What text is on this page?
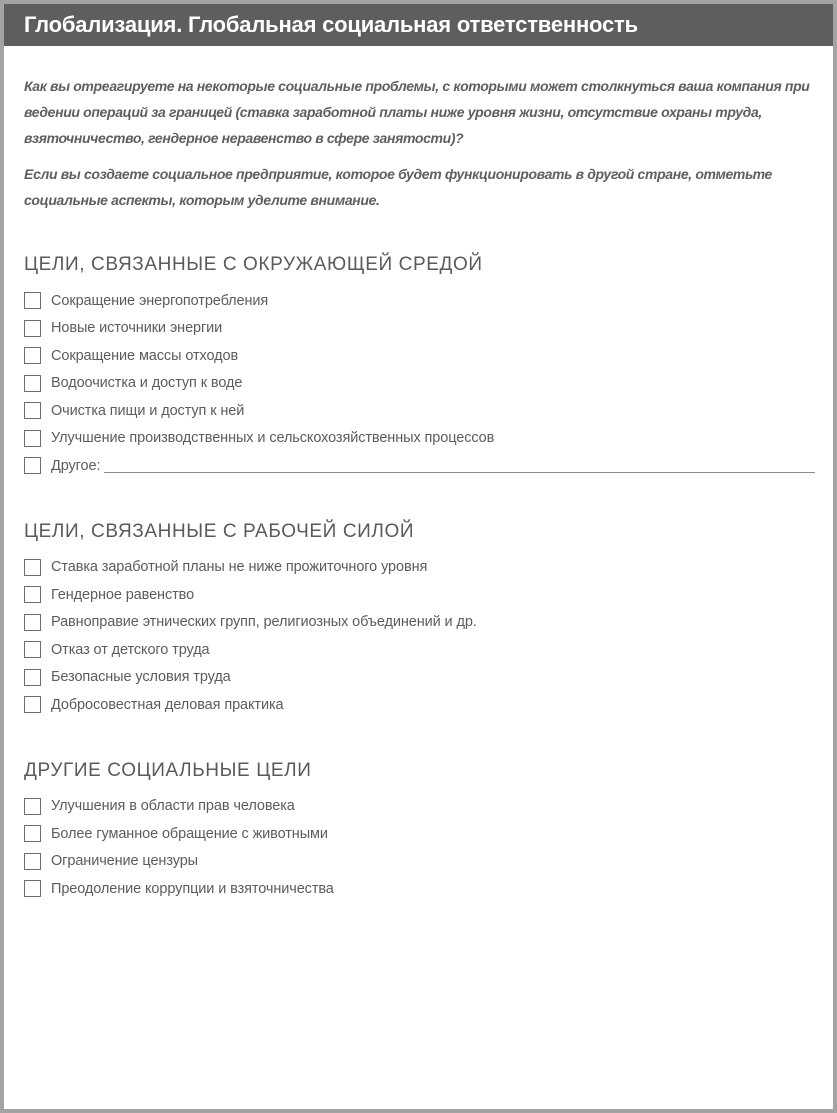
Глобализация. Глобальная социальная ответственность

Как вы отреагируете на некоторые социальные проблемы, с которыми может столкнуться ваша компания при ведении операций за границей (ставка заработной платы ниже уровня жизни, отсутствие охраны труда, взяточничество, гендерное неравенство в сфере занятости)?

Если вы создаете социальное предприятие, которое будет функционировать в другой стране, отметьте социальные аспекты, которым уделите внимание.

ЦЕЛИ, СВЯЗАННЫЕ С ОКРУЖАЮЩЕЙ СРЕДОЙ
Сокращение энергопотребления
Новые источники энергии
Сокращение массы отходов
Водоочистка и доступ к воде
Очистка пищи и доступ к ней
Улучшение производственных и сельскохозяйственных процессов
Другое:
ЦЕЛИ, СВЯЗАННЫЕ С РАБОЧЕЙ СИЛОЙ
Ставка заработной планы не ниже прожиточного уровня
Гендерное равенство
Равноправие этнических групп, религиозных объединений и др.
Отказ от детского труда
Безопасные условия труда
Добросовестная деловая практика
ДРУГИЕ СОЦИАЛЬНЫЕ ЦЕЛИ
Улучшения в области прав человека
Более гуманное обращение с животными
Ограничение цензуры
Преодоление коррупции и взяточничества
